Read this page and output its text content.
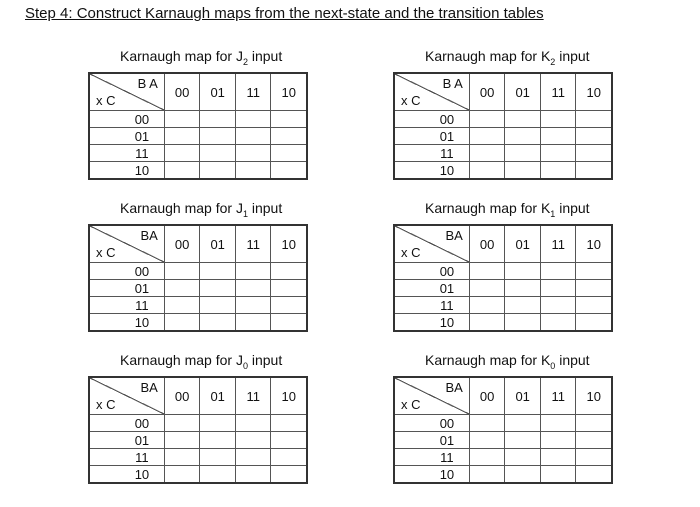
Step 4: Construct Karnaugh maps from the next-state and the transition tables
Karnaugh map for $J_2$ input
B A
x C	00	01	11	10
00				
01				
11				
10				
Karnaugh map for $K_2$ input
B A
x C	00	01	11	10
00				
01				
11				
10				
Karnaugh map for $J_1$ input
BA
x C	00	01	11	10
00				
01				
11				
10				
Karnaugh map for $K_1$ input
BA
x C	00	01	11	10
00				
01				
11				
10				
Karnaugh map for $J_0$ input
BA
x C	00	01	11	10
00				
01				
11				
10				
Karnaugh map for $K_0$ input
BA
x C	00	01	11	10
00				
01				
11				
10				
